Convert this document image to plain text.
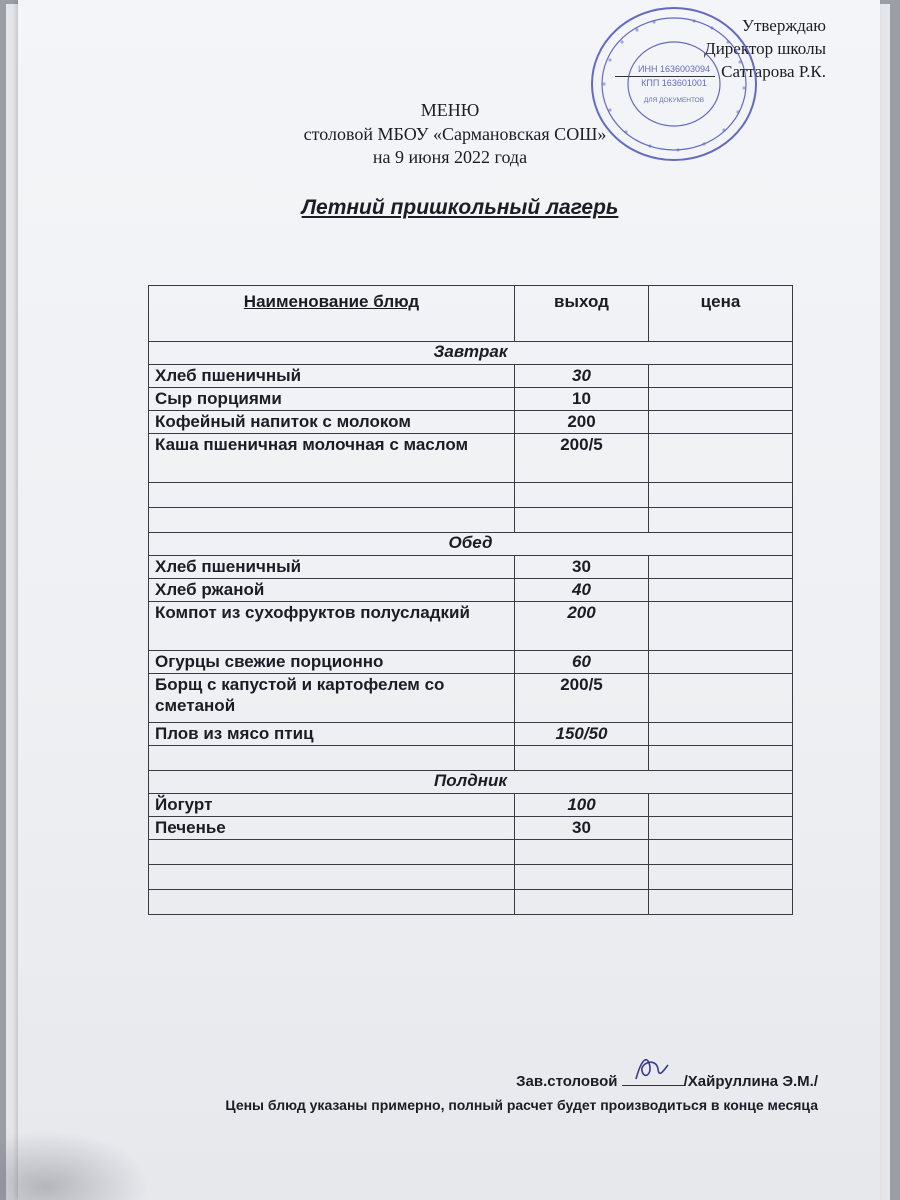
Утверждаю
Директор школы
Саттарова Р.К.
ИНН 1636003094
КПП 163601001
ДЛЯ ДОКУМЕНТОВ
МЕНЮ
столовой МБОУ «Сармановская СОШ»
на 9 июня 2022 года
Летний пришкольный лагерь
Наименование блюд	выход	цена
Завтрак		
Хлеб пшеничный	30	
Сыр порциями	10	
Кофейный напиток с молоком	200	
Каша пшеничная молочная с маслом	200/5	

Обед		
Хлеб пшеничный	30	
Хлеб ржаной	40	
Компот из сухофруктов полусладкий	200	
Огурцы свежие порционно	60	
Борщ с капустой и картофелем со сметаной	200/5	
Плов из мясо птиц	150/50	

Полдник		
Йогурт	100	
Печенье	30	

Зав.столовой	/Хайруллина Э.М./
Цены блюд указаны примерно, полный расчет будет производиться в конце месяца
